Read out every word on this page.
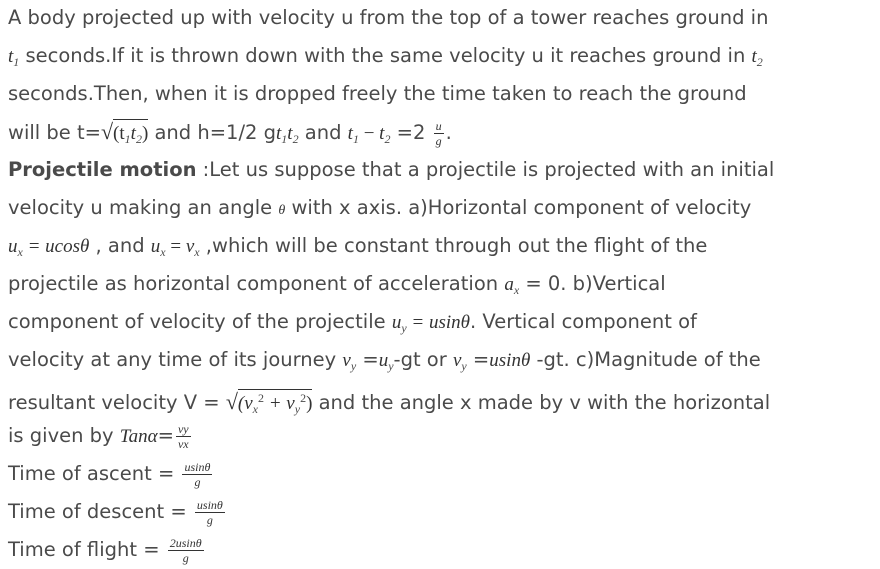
A body projected up with velocity u from the top of a tower reaches ground in
$t_1$ seconds.If it is thrown down with the same velocity u it reaches ground in $t_2$
seconds.Then, when it is dropped freely the time taken to reach the ground
will be $t=√(t_1t_2)$ and h=1/2 $gt_1t_2$ and $t_1 - t_2 =2 \frac{u}{g}$ .
Projectile motion :Let us suppose that a projectile is projected with an initial
velocity u making an angle θ with x axis. a)Horizontal component of velocity
$u_x = ucos\theta$ , and $u_x = v_x$ ,which will be constant through out the flight of the
projectile as horizontal component of acceleration $a_x = 0$. b)Vertical
component of velocity of the projectile $u_y = usin\theta$. Vertical component of
velocity at any time of its journey $v_y =u_y-gt$ or $v_y =usin\theta$ -gt. c)Magnitude of the
resultant velocity $V = √(v_x^2 + v_y^2)$ and the angle x made by v with the horizontal
is given by $Tan\alpha= \frac{vy}{vx}$
Time of ascent = $\frac{usin\theta}{g}$
Time of descent = $\frac{usin\theta}{g}$
Time of flight = $\frac{2usin\theta}{g}$
